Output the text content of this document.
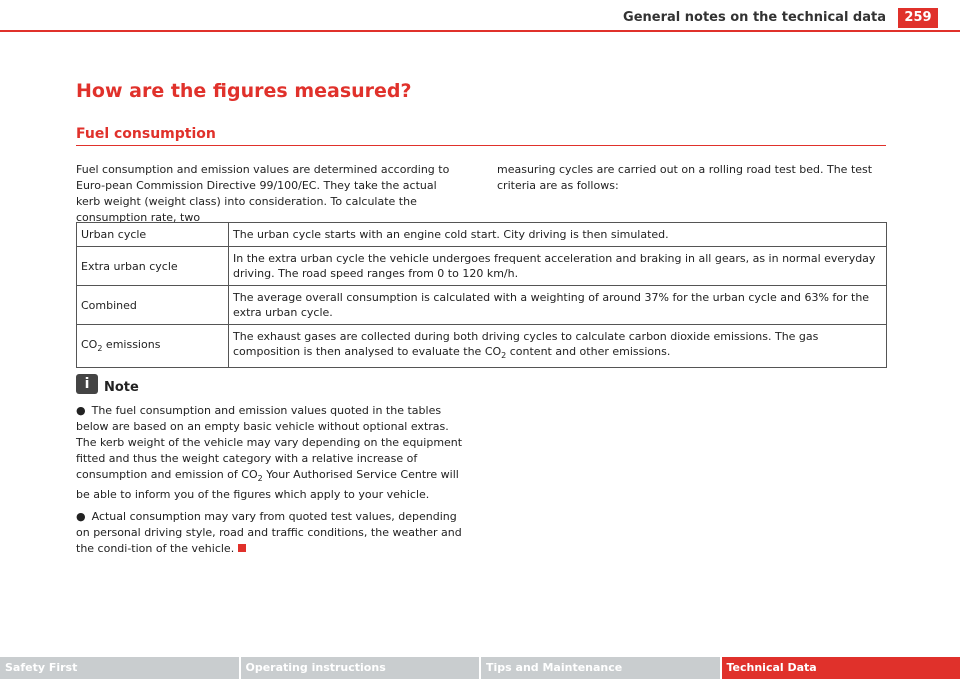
General notes on the technical data	259
How are the figures measured?
Fuel consumption
Fuel consumption and emission values are determined according to Euro-pean Commission Directive 99/100/EC. They take the actual kerb weight (weight class) into consideration. To calculate the consumption rate, two
measuring cycles are carried out on a rolling road test bed. The test criteria are as follows:
Urban cycle	The urban cycle starts with an engine cold start. City driving is then simulated.
Extra urban cycle	In the extra urban cycle the vehicle undergoes frequent acceleration and braking in all gears, as in normal everyday driving. The road speed ranges from 0 to 120 km/h.
Combined	The average overall consumption is calculated with a weighting of around 37% for the urban cycle and 63% for the extra urban cycle.
$CO_2$ emissions	The exhaust gases are collected during both driving cycles to calculate carbon dioxide emissions. The gas composition is then analysed to evaluate the $CO_2$ content and other emissions.
i	Note
● The fuel consumption and emission values quoted in the tables below are based on an empty basic vehicle without optional extras. The kerb weight of the vehicle may vary depending on the equipment fitted and thus the weight category with a relative increase of consumption and emission of $CO_2$ Your Authorised Service Centre will be able to inform you of the figures which apply to your vehicle.
● Actual consumption may vary from quoted test values, depending on personal driving style, road and traffic conditions, the weather and the condi-tion of the vehicle.
Safety First	Operating instructions	Tips and Maintenance	Technical Data
